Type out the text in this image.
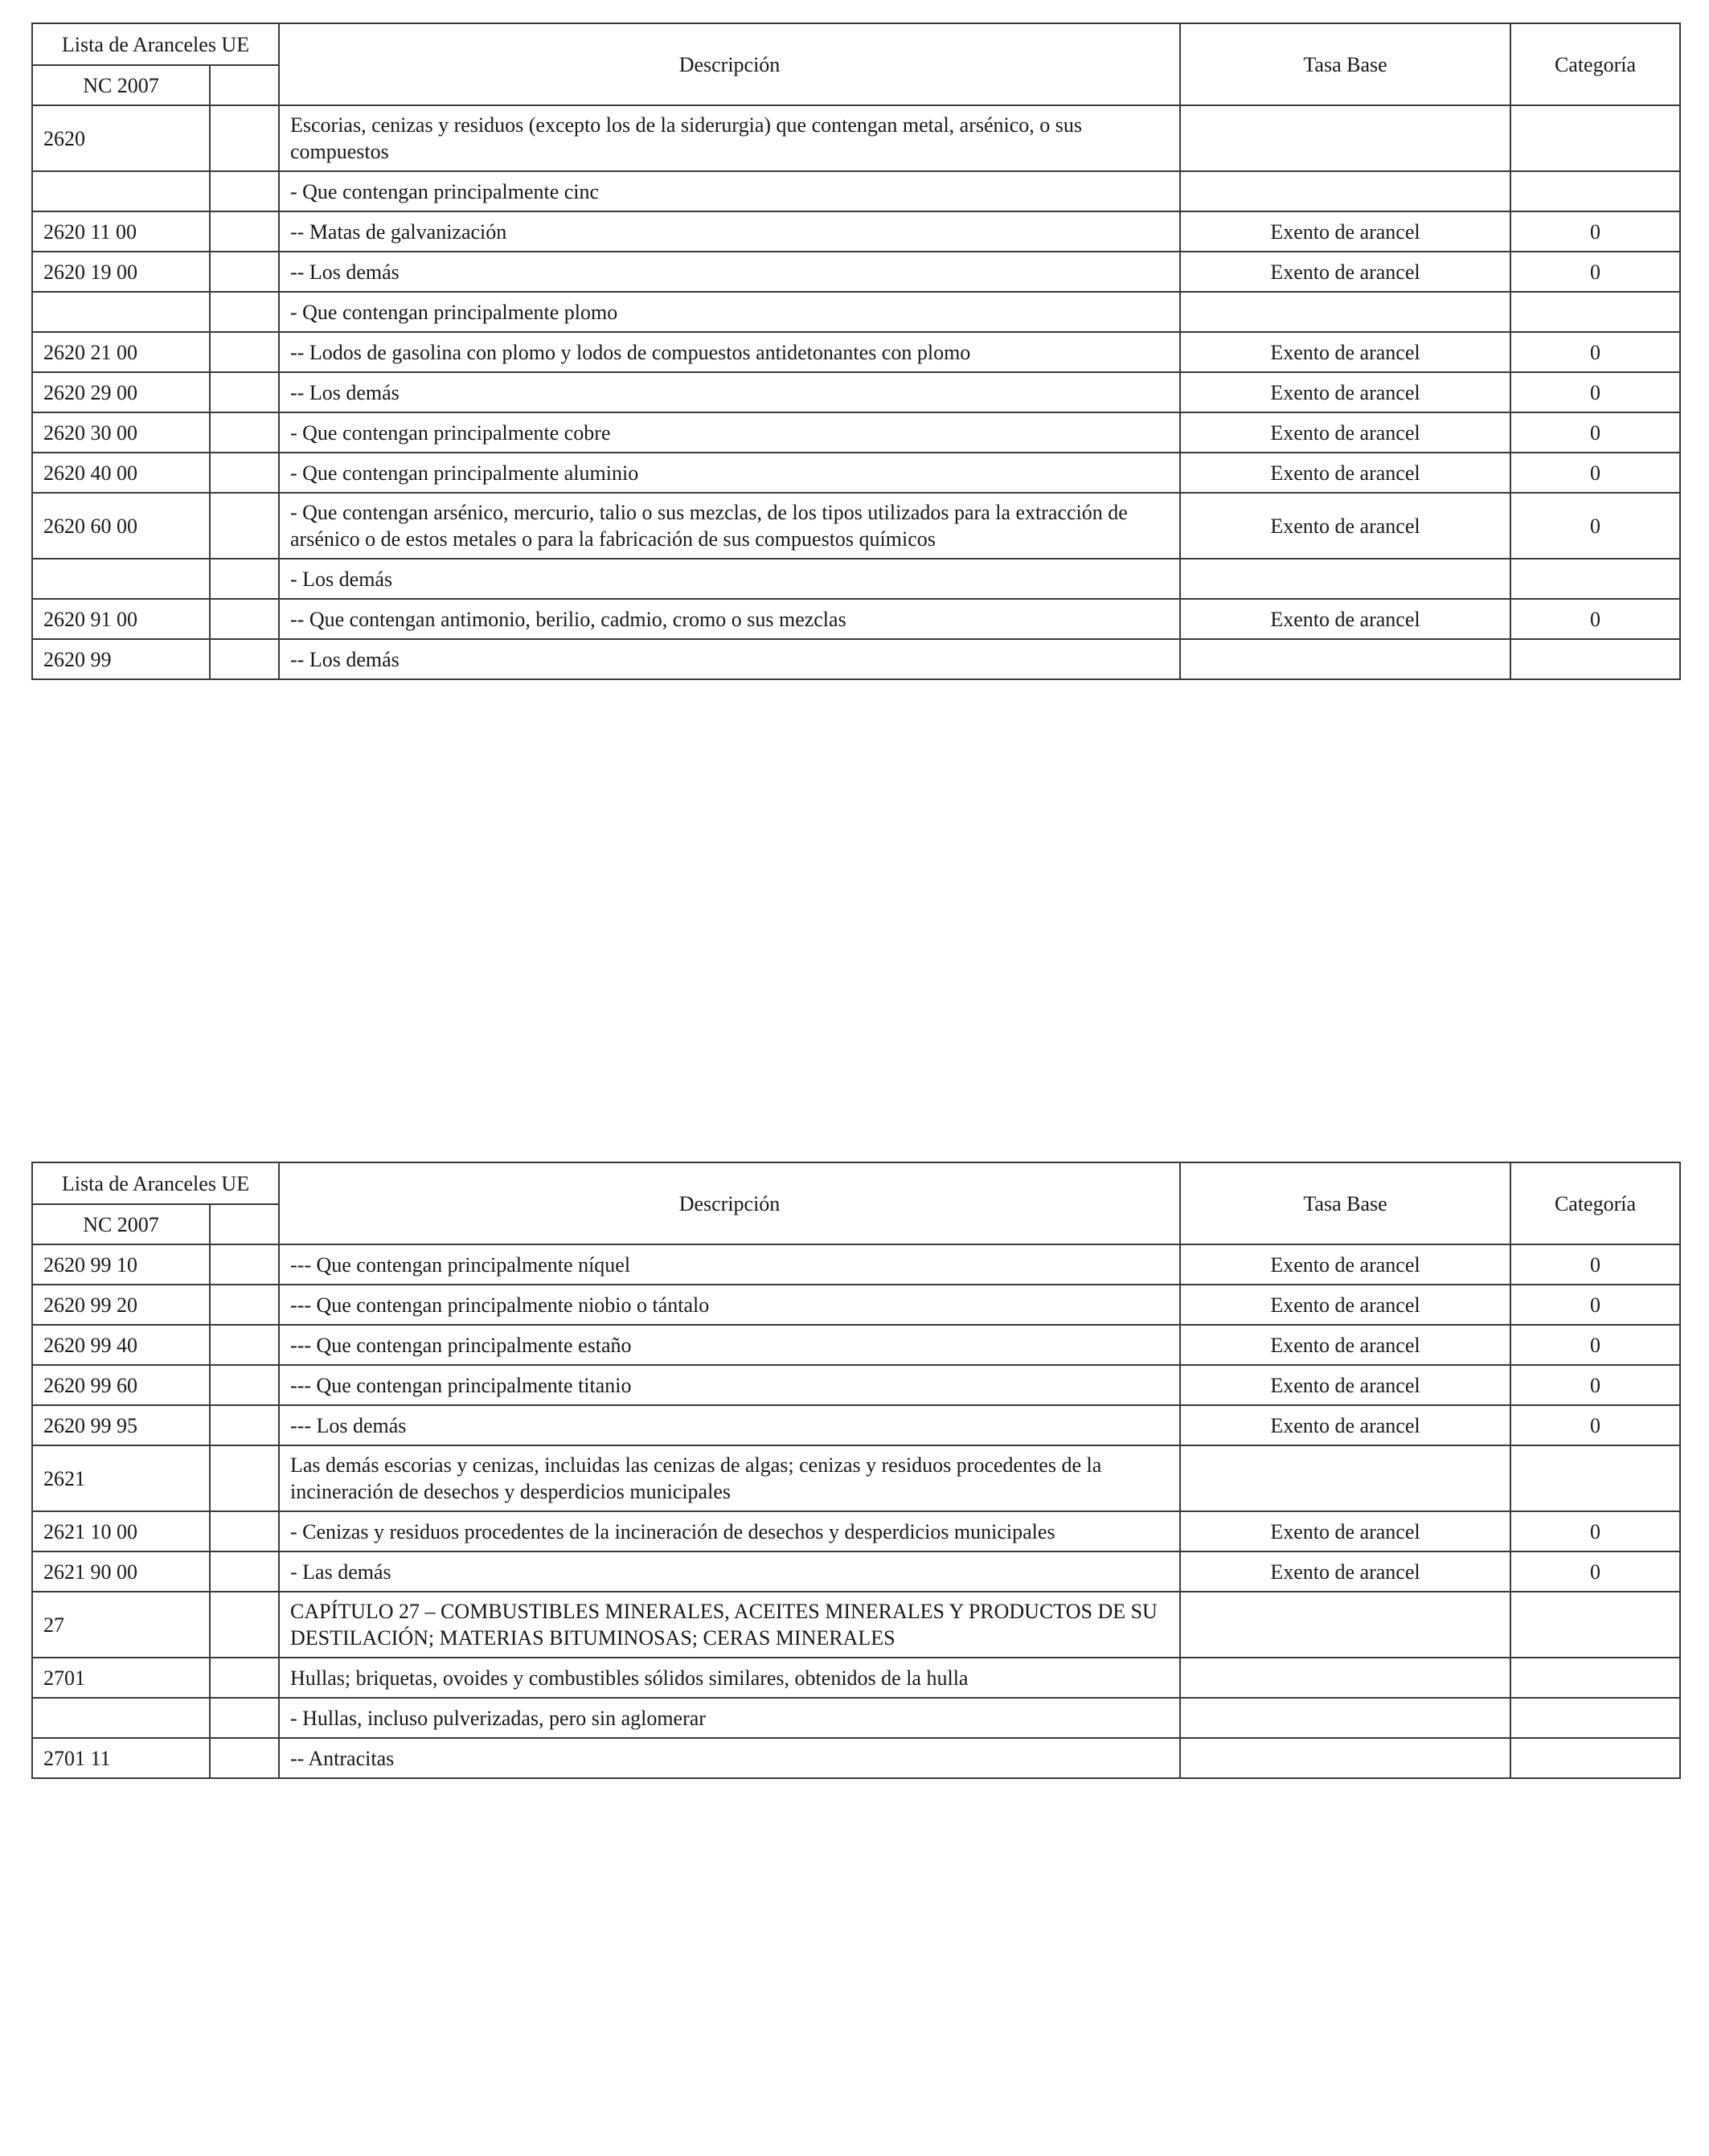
Lista de Aranceles UE		Descripción	Tasa Base	Categoría
NC 2007				
2620		Escorias, cenizas y residuos (excepto los de la siderurgia) que contengan metal, arsénico, o sus compuestos		
		- Que contengan principalmente cinc		
2620 11 00		-- Matas de galvanización	Exento de arancel	0
2620 19 00		-- Los demás	Exento de arancel	0
		- Que contengan principalmente plomo		
2620 21 00		-- Lodos de gasolina con plomo y lodos de compuestos antidetonantes con plomo	Exento de arancel	0
2620 29 00		-- Los demás	Exento de arancel	0
2620 30 00		- Que contengan principalmente cobre	Exento de arancel	0
2620 40 00		- Que contengan principalmente aluminio	Exento de arancel	0
2620 60 00		- Que contengan arsénico, mercurio, talio o sus mezclas, de los tipos utilizados para la extracción de arsénico o de estos metales o para la fabricación de sus compuestos químicos	Exento de arancel	0
		- Los demás		
2620 91 00		-- Que contengan antimonio, berilio, cadmio, cromo o sus mezclas	Exento de arancel	0
2620 99		-- Los demás		
Lista de Aranceles UE		Descripción	Tasa Base	Categoría
NC 2007				
2620 99 10		--- Que contengan principalmente níquel	Exento de arancel	0
2620 99 20		--- Que contengan principalmente niobio o tántalo	Exento de arancel	0
2620 99 40		--- Que contengan principalmente estaño	Exento de arancel	0
2620 99 60		--- Que contengan principalmente titanio	Exento de arancel	0
2620 99 95		--- Los demás	Exento de arancel	0
2621		Las demás escorias y cenizas, incluidas las cenizas de algas; cenizas y residuos procedentes de la incineración de desechos y desperdicios municipales		
2621 10 00		- Cenizas y residuos procedentes de la incineración de desechos y desperdicios municipales	Exento de arancel	0
2621 90 00		- Las demás	Exento de arancel	0
27		CAPÍTULO 27 – COMBUSTIBLES MINERALES, ACEITES MINERALES Y PRODUCTOS DE SU DESTILACIÓN; MATERIAS BITUMINOSAS; CERAS MINERALES		
2701		Hullas; briquetas, ovoides y combustibles sólidos similares, obtenidos de la hulla		
		- Hullas, incluso pulverizadas, pero sin aglomerar		
2701 11		-- Antracitas		
